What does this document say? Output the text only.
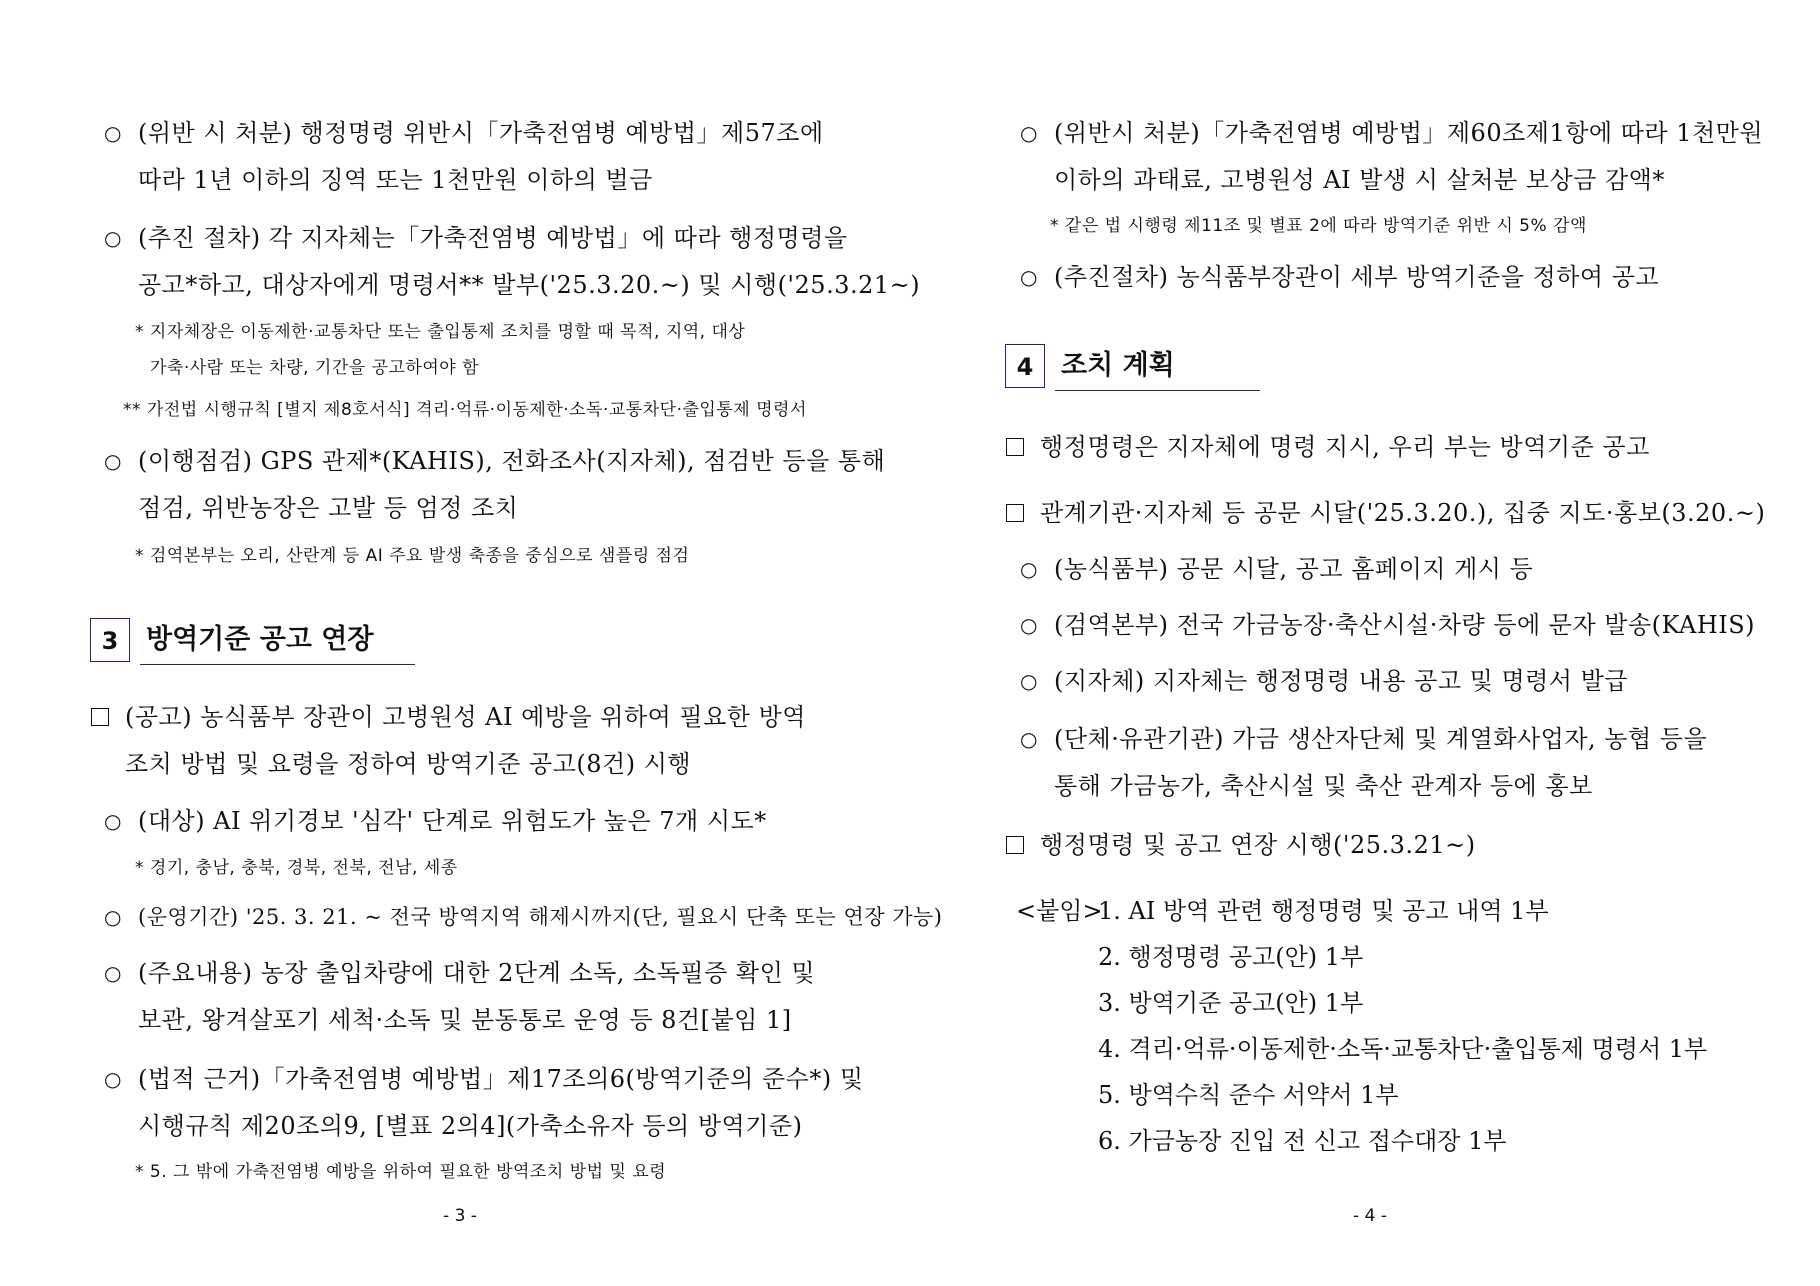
○ (위반 시 처분) 행정명령 위반시「가축전염병 예방법」제57조에
따라 1년 이하의 징역 또는 1천만원 이하의 벌금
○ (추진 절차) 각 지자체는「가축전염병 예방법」에 따라 행정명령을
공고*하고, 대상자에게 명령서** 발부('25.3.20.~) 및 시행('25.3.21~)
* 지자체장은 이동제한·교통차단 또는 출입통제 조치를 명할 때 목적, 지역, 대상
가축·사람 또는 차량, 기간을 공고하여야 함
** 가전법 시행규칙 [별지 제8호서식] 격리·억류·이동제한·소독·교통차단·출입통제 명령서
○ (이행점검) GPS 관제*(KAHIS), 전화조사(지자체), 점검반 등을 통해
점검, 위반농장은 고발 등 엄정 조치
* 검역본부는 오리, 산란계 등 AI 주요 발생 축종을 중심으로 샘플링 점검
3	방역기준 공고 연장
(공고) 농식품부 장관이 고병원성 AI 예방을 위하여 필요한 방역
조치 방법 및 요령을 정하여 방역기준 공고(8건) 시행
○ (대상) AI 위기경보 '심각' 단계로 위험도가 높은 7개 시도*
* 경기, 충남, 충북, 경북, 전북, 전남, 세종
○ (운영기간) '25. 3. 21. ~ 전국 방역지역 해제시까지(단, 필요시 단축 또는 연장 가능)
○ (주요내용) 농장 출입차량에 대한 2단계 소독, 소독필증 확인 및
보관, 왕겨살포기 세척·소독 및 분동통로 운영 등 8건[붙임 1]
○ (법적 근거)「가축전염병 예방법」제17조의6(방역기준의 준수*) 및
시행규칙 제20조의9, [별표 2의4](가축소유자 등의 방역기준)
* 5. 그 밖에 가축전염병 예방을 위하여 필요한 방역조치 방법 및 요령
- 3 -
○ (위반시 처분)「가축전염병 예방법」제60조제1항에 따라 1천만원
이하의 과태료, 고병원성 AI 발생 시 살처분 보상금 감액*
* 같은 법 시행령 제11조 및 별표 2에 따라 방역기준 위반 시 5% 감액
○ (추진절차) 농식품부장관이 세부 방역기준을 정하여 공고
4	조치 계획
행정명령은 지자체에 명령 지시, 우리 부는 방역기준 공고
관계기관·지자체 등 공문 시달('25.3.20.), 집중 지도·홍보(3.20.~)
○ (농식품부) 공문 시달, 공고 홈페이지 게시 등
○ (검역본부) 전국 가금농장·축산시설·차량 등에 문자 발송(KAHIS)
○ (지자체) 지자체는 행정명령 내용 공고 및 명령서 발급
○ (단체·유관기관) 가금 생산자단체 및 계열화사업자, 농협 등을
통해 가금농가, 축산시설 및 축산 관계자 등에 홍보
행정명령 및 공고 연장 시행('25.3.21~)
<붙임>
1. AI 방역 관련 행정명령 및 공고 내역 1부
2. 행정명령 공고(안) 1부
3. 방역기준 공고(안) 1부
4. 격리·억류·이동제한·소독·교통차단·출입통제 명령서 1부
5. 방역수칙 준수 서약서 1부
6. 가금농장 진입 전 신고 접수대장 1부
- 4 -
